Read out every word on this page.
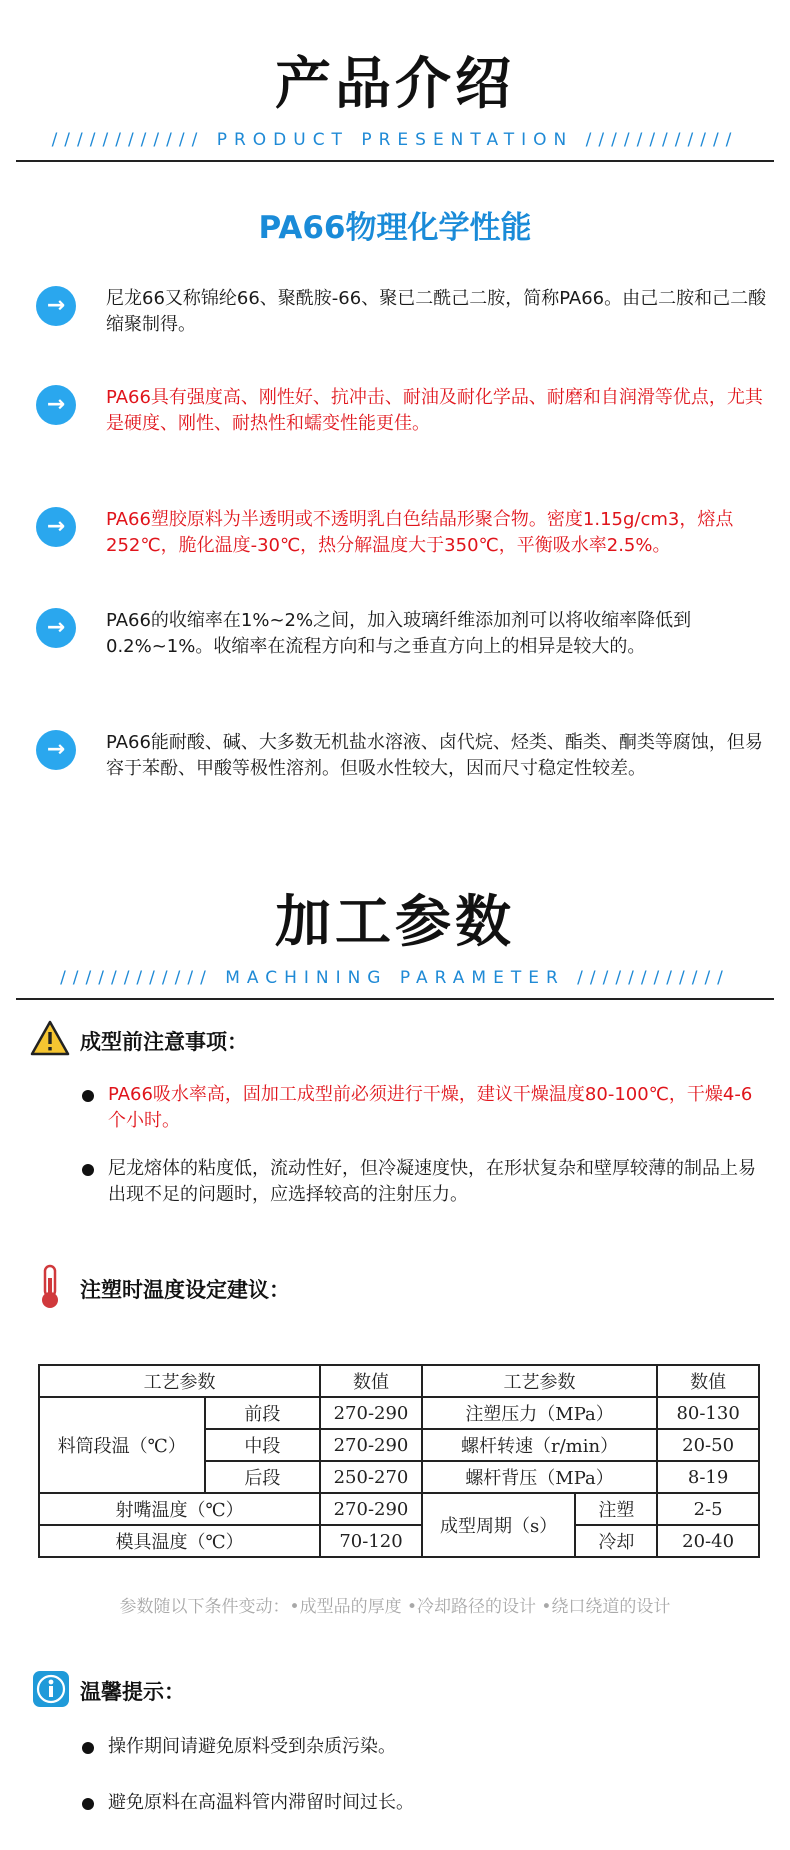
产品介绍
//////////// PRODUCT PRESENTATION ////////////
PA66物理化学性能
→	尼龙66又称锦纶66、聚酰胺-66、聚已二酰己二胺，简称PA66。由己二胺和己二酸缩聚制得。
→	PA66具有强度高、刚性好、抗冲击、耐油及耐化学品、耐磨和自润滑等优点，尤其是硬度、刚性、耐热性和蠕变性能更佳。
→	PA66塑胶原料为半透明或不透明乳白色结晶形聚合物。密度1.15g/cm3，熔点252℃，脆化温度-30℃，热分解温度大于350℃，平衡吸水率2.5%。
→	PA66的收缩率在1%~2%之间，加入玻璃纤维添加剂可以将收缩率降低到0.2%~1%。收缩率在流程方向和与之垂直方向上的相异是较大的。
→	PA66能耐酸、碱、大多数无机盐水溶液、卤代烷、烃类、酯类、酮类等腐蚀，但易容于苯酚、甲酸等极性溶剂。但吸水性较大，因而尺寸稳定性较差。
加工参数
//////////// MACHINING PARAMETER ////////////
成型前注意事项：
PA66吸水率高，固加工成型前必须进行干燥，建议干燥温度80-100℃，干燥4-6个小时。
尼龙熔体的粘度低，流动性好，但冷凝速度快，在形状复杂和壁厚较薄的制品上易出现不足的问题时，应选择较高的注射压力。
注塑时温度设定建议：
工艺参数		数值	工艺参数		数值
料筒段温（℃）	前段	270-290	注塑压力（MPa）		80-130
	中段	270-290	螺杆转速（r/min）		20-50
	后段	250-270	螺杆背压（MPa）		8-19
射嘴温度（℃）		270-290	成型周期（s）	注塑	2-5
模具温度（℃）		70-120		冷却	20-40
参数随以下条件变动：•成型品的厚度 •冷却路径的设计 •绕口绕道的设计
温馨提示：
操作期间请避免原料受到杂质污染。
避免原料在高温料管内滞留时间过长。
